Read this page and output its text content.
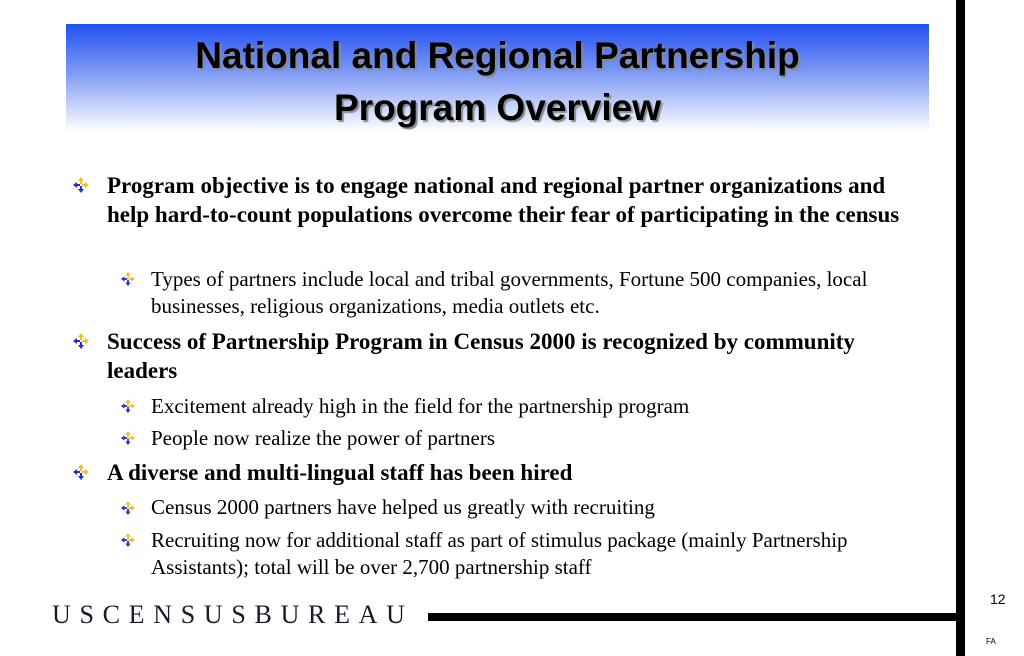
National and Regional Partnership
Program Overview
Program objective is to engage national and regional partner organizations and help hard-to-count populations overcome their fear of participating in the census
Types of partners include local and tribal governments, Fortune 500 companies, local businesses, religious organizations, media outlets etc.
Success of Partnership Program in Census 2000 is recognized by community leaders
Excitement already high in the field for the partnership program
People now realize the power of partners
A diverse and multi-lingual staff has been hired
Census 2000 partners have helped us greatly with recruiting
Recruiting now for additional staff as part of stimulus package (mainly Partnership Assistants); total will be over 2,700 partnership staff
USCENSUSBUREAU
12
FA
